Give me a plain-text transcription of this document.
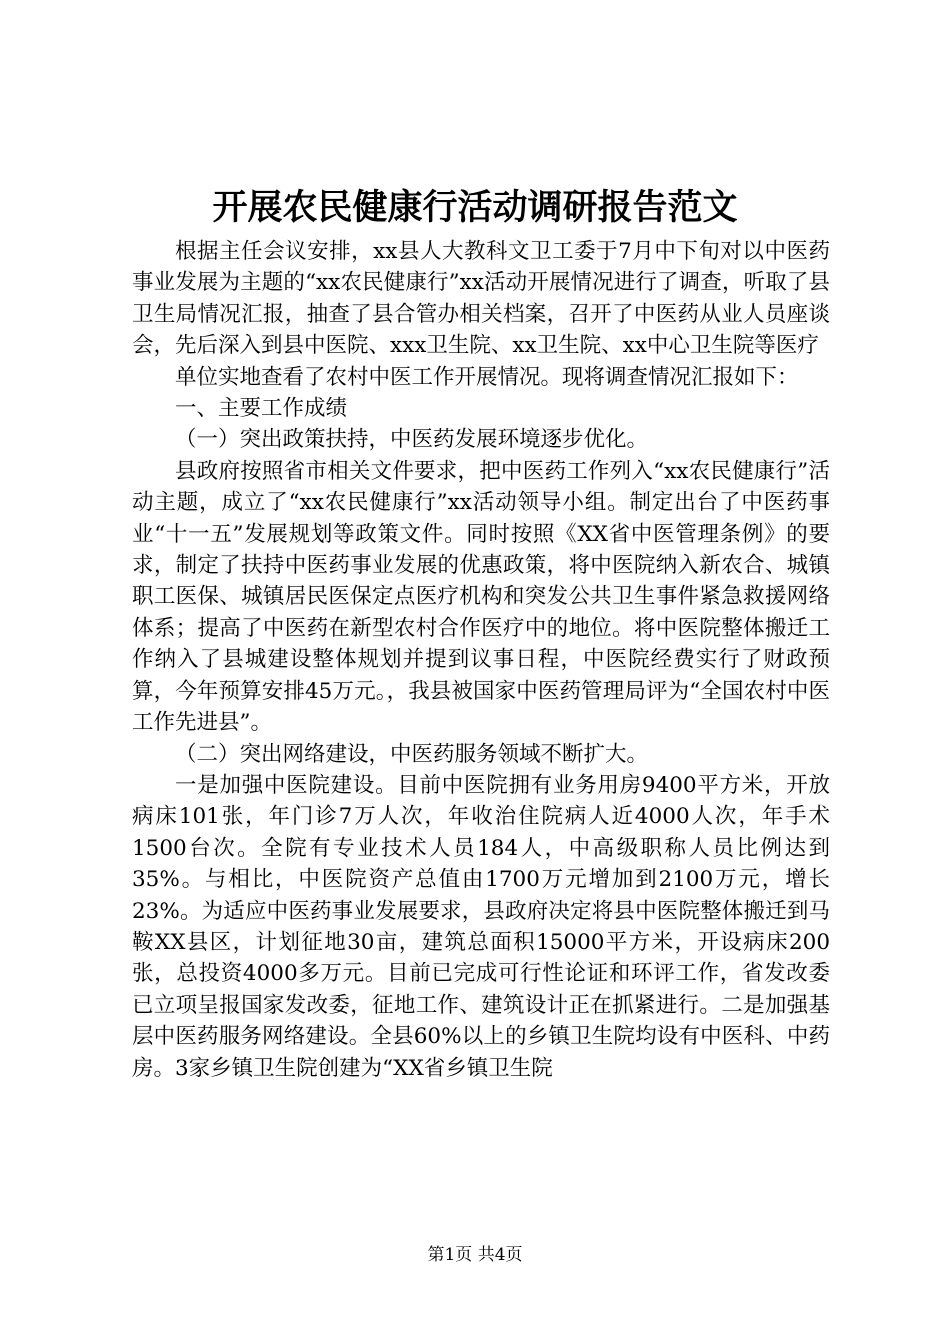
开展农民健康行活动调研报告范文

根据主任会议安排，xx县人大教科文卫工委于7月中下旬对以中医药事业发展为主题的“xx农民健康行”xx活动开展情况进行了调查，听取了县卫生局情况汇报，抽查了县合管办相关档案，召开了中医药从业人员座谈会，先后深入到县中医院、xxx卫生院、xx卫生院、xx中心卫生院等医疗

单位实地查看了农村中医工作开展情况。现将调查情况汇报如下：

一、主要工作成绩

（一）突出政策扶持，中医药发展环境逐步优化。

县政府按照省市相关文件要求，把中医药工作列入“xx农民健康行”活动主题，成立了“xx农民健康行”xx活动领导小组。制定出台了中医药事业“十一五”发展规划等政策文件。同时按照《XX省中医管理条例》的要求，制定了扶持中医药事业发展的优惠政策，将中医院纳入新农合、城镇职工医保、城镇居民医保定点医疗机构和突发公共卫生事件紧急救援网络体系；提高了中医药在新型农村合作医疗中的地位。将中医院整体搬迁工作纳入了县城建设整体规划并提到议事日程，中医院经费实行了财政预算，今年预算安排45万元。，我县被国家中医药管理局评为“全国农村中医工作先进县”。

（二）突出网络建设，中医药服务领域不断扩大。

一是加强中医院建设。目前中医院拥有业务用房9400平方米，开放病床101张，年门诊7万人次，年收治住院病人近4000人次，年手术1500台次。全院有专业技术人员184人，中高级职称人员比例达到35%。与相比，中医院资产总值由1700万元增加到2100万元，增长23%。为适应中医药事业发展要求，县政府决定将县中医院整体搬迁到马鞍XX县区，计划征地30亩，建筑总面积15000平方米，开设病床200张，总投资4000多万元。目前已完成可行性论证和环评工作，省发改委已立项呈报国家发改委，征地工作、建筑设计正在抓紧进行。二是加强基层中医药服务网络建设。全县60%以上的乡镇卫生院均设有中医科、中药房。3家乡镇卫生院创建为“XX省乡镇卫生院

第1页 共4页
